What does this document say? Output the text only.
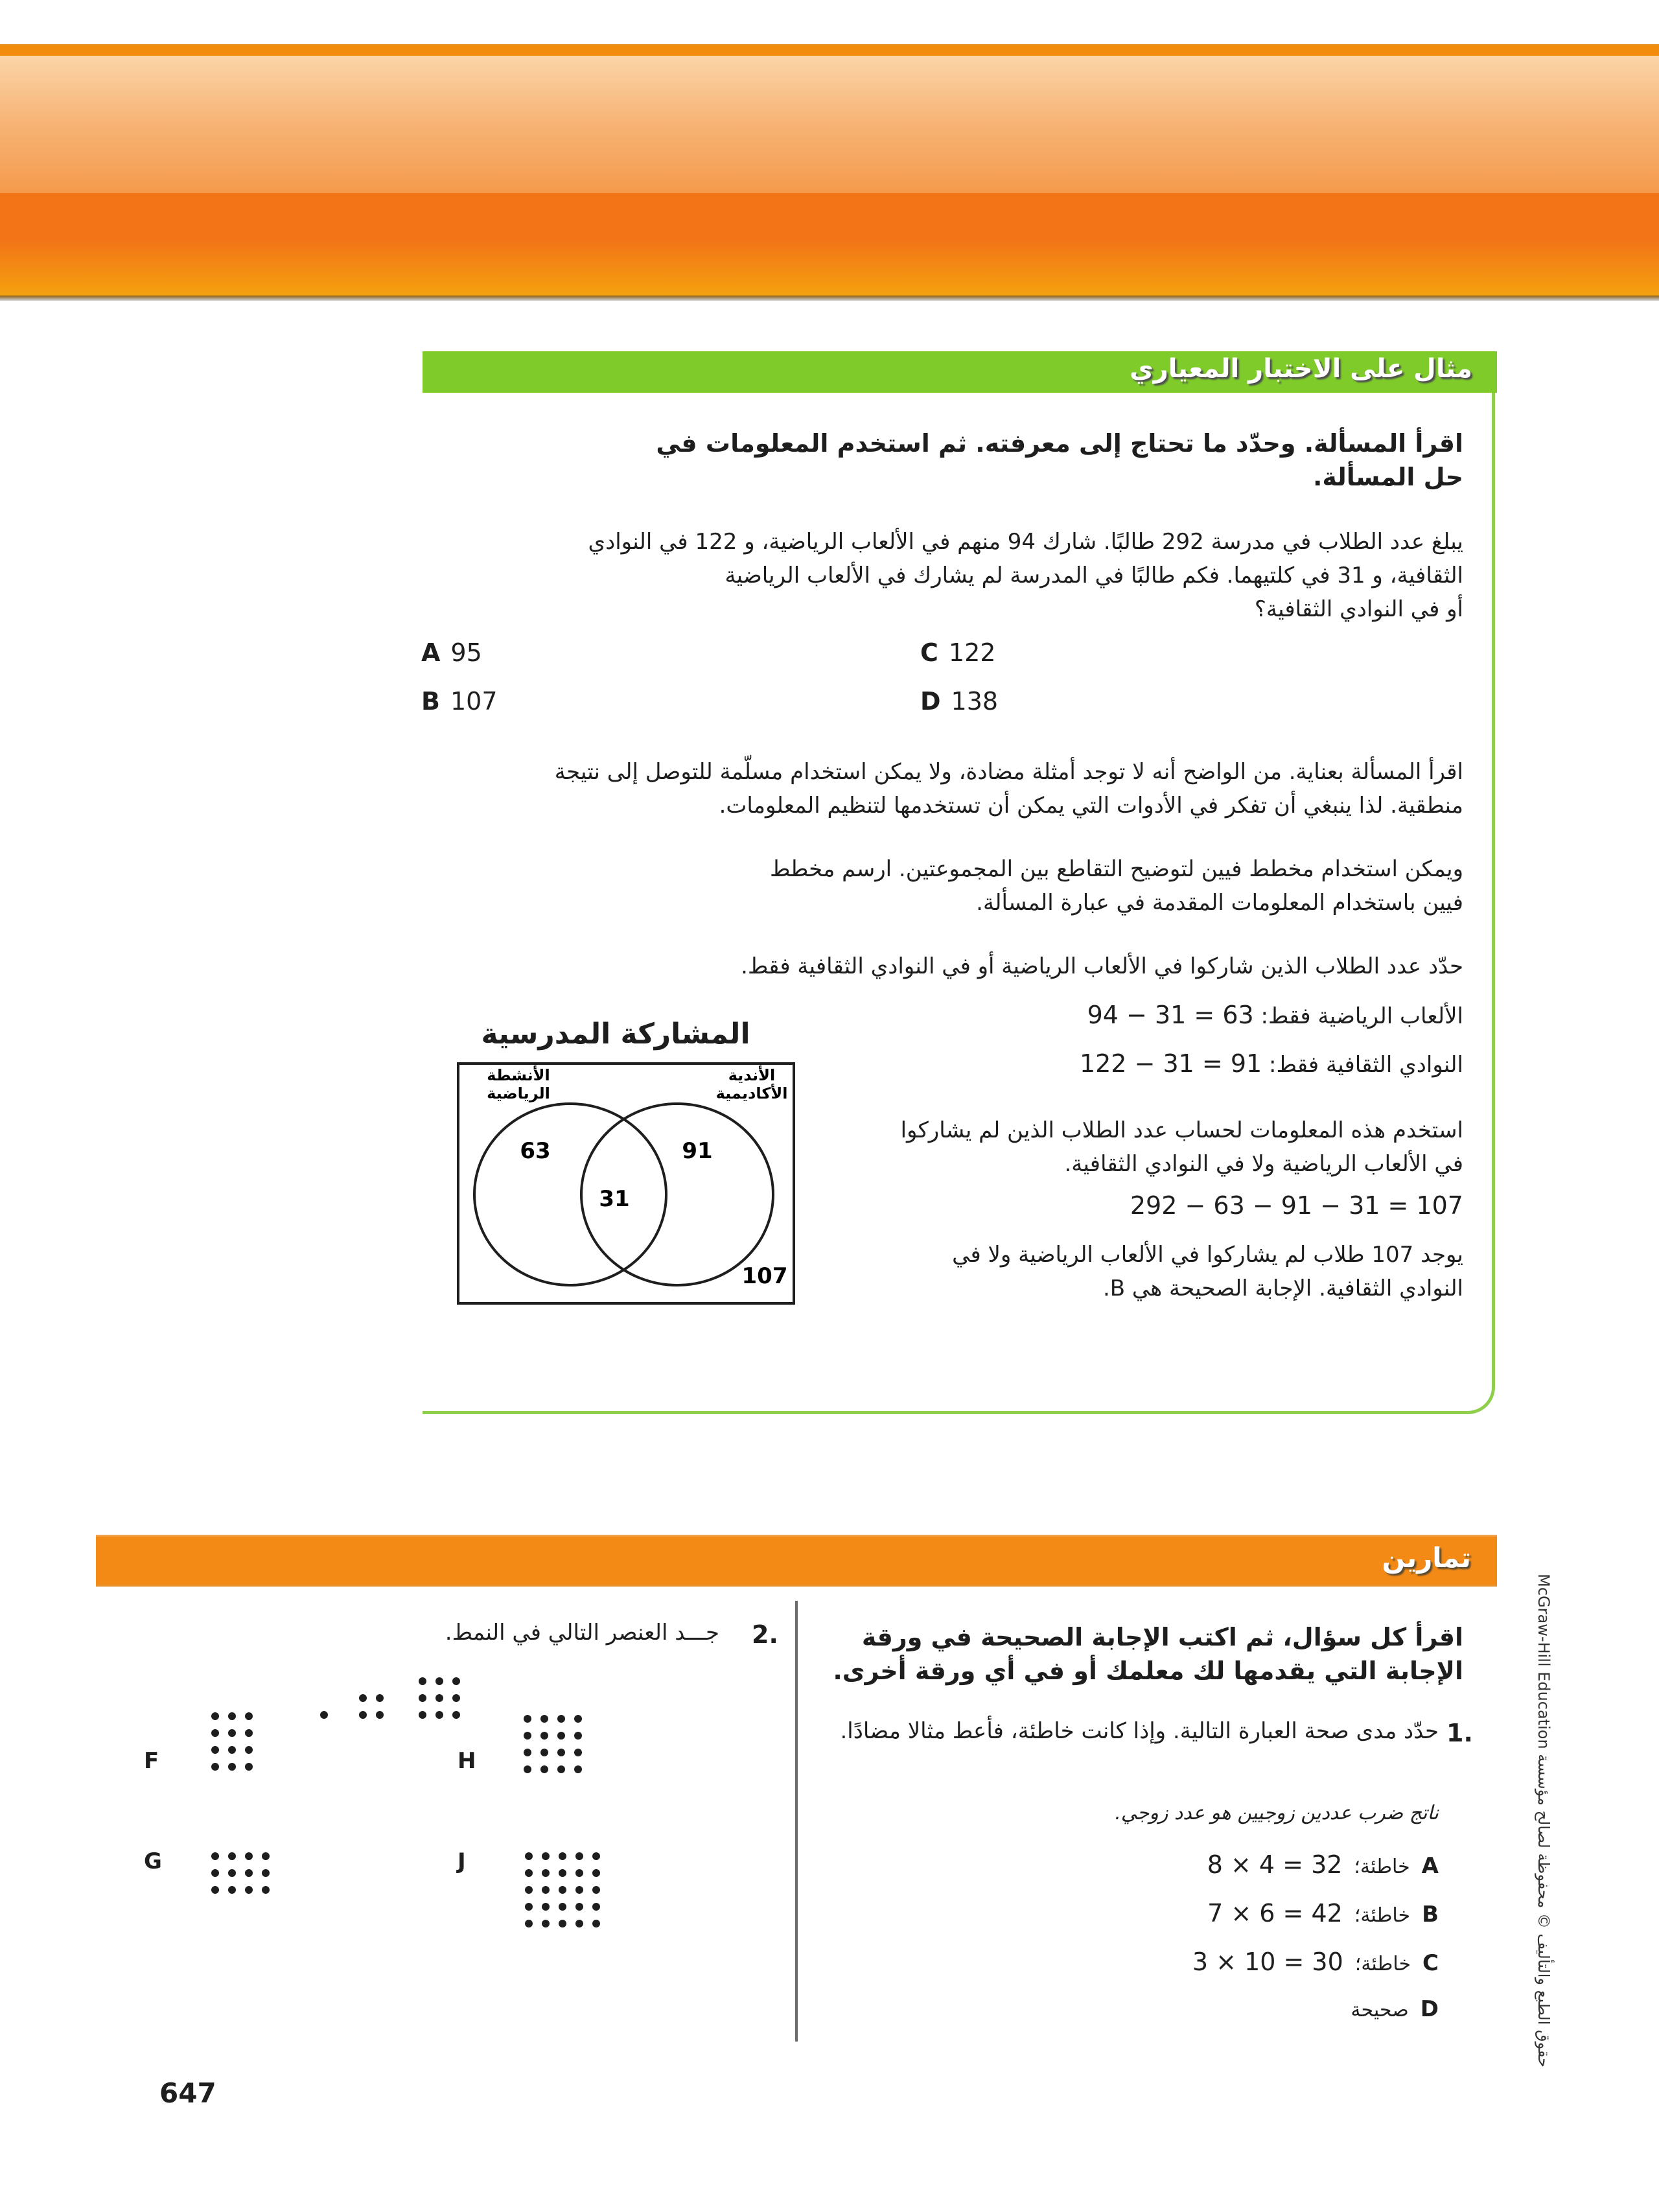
مثال على الاختبار المعياري
اقرأ المسألة. وحدّد ما تحتاج إلى معرفته. ثم استخدم المعلومات في حل المسألة.
يبلغ عدد الطلاب في مدرسة 292 طالبًا. شارك 94 منهم في الألعاب الرياضية، و 122 في النوادي
الثقافية، و 31 في كلتيهما. فكم طالبًا في المدرسة لم يشارك في الألعاب الرياضية
أو في النوادي الثقافية؟
A 95
B 107
C 122
D 138
اقرأ المسألة بعناية. من الواضح أنه لا توجد أمثلة مضادة، ولا يمكن استخدام مسلّمة للتوصل إلى نتيجة
منطقية. لذا ينبغي أن تفكر في الأدوات التي يمكن أن تستخدمها لتنظيم المعلومات.
ويمكن استخدام مخطط فيين لتوضيح التقاطع بين المجموعتين. ارسم مخطط
فيين باستخدام المعلومات المقدمة في عبارة المسألة.
حدّد عدد الطلاب الذين شاركوا في الألعاب الرياضية أو في النوادي الثقافية فقط.
الألعاب الرياضية فقط: 94 − 31 = 63
النوادي الثقافية فقط: 122 − 31 = 91
استخدم هذه المعلومات لحساب عدد الطلاب الذين لم يشاركوا
في الألعاب الرياضية ولا في النوادي الثقافية.
292 − 63 − 91 − 31 = 107
يوجد 107 طلاب لم يشاركوا في الألعاب الرياضية ولا في
النوادي الثقافية. الإجابة الصحيحة هي B.
المشاركة المدرسية
الأنشطة
الرياضية
الأندية
الأكاديمية
63
31
91
107
تمارين
اقرأ كل سؤال، ثم اكتب الإجابة الصحيحة في ورقة الإجابة التي يقدمها لك معلمك أو في أي ورقة أخرى.
1.
حدّد مدى صحة العبارة التالية. وإذا كانت خاطئة، فأعط مثالا مضادًا.
ناتج ضرب عددين زوجيين هو عدد زوجي.
A
خاطئة؛
8 × 4 = 32
B
خاطئة؛
7 × 6 = 42
C
خاطئة؛
3 × 10 = 30
D
صحيحة
2.
جـــد العنصر التالي في النمط.
F
G
H
J
حقوق الطبع والتأليف © محفوظة لصالح مؤسسة McGraw-Hill Education
647
